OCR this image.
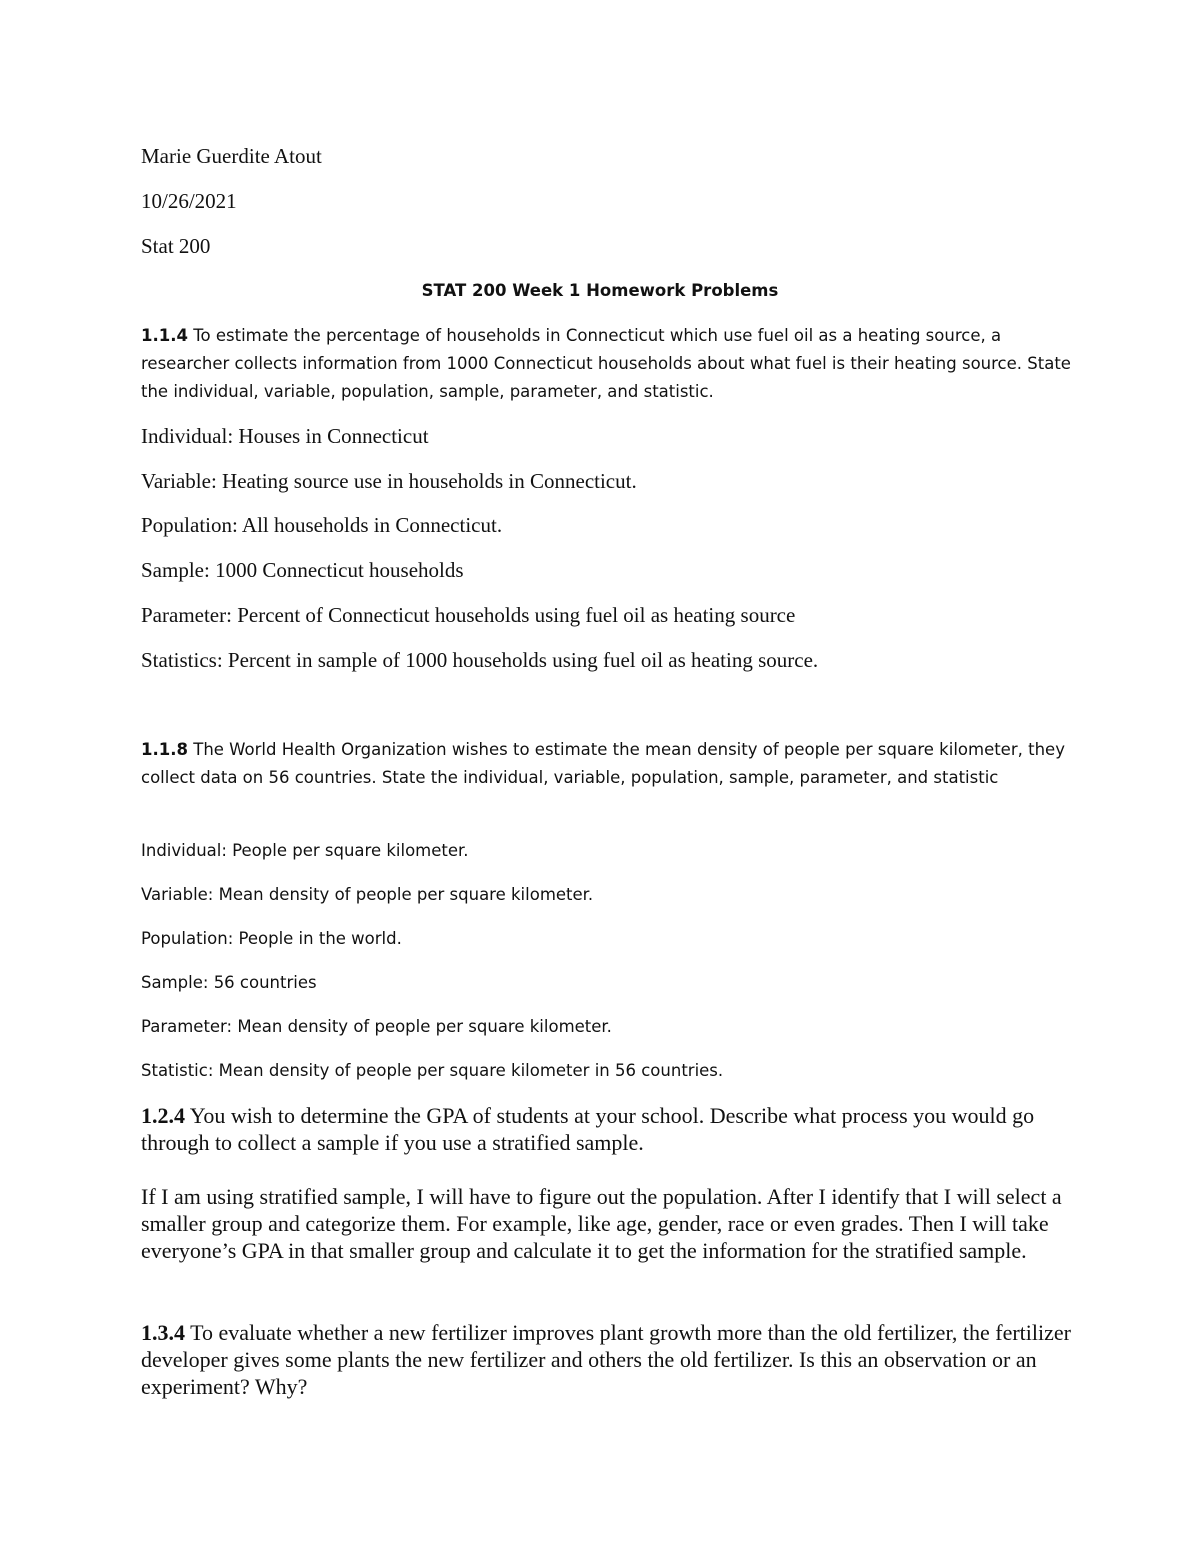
Marie Guerdite Atout
10/26/2021
Stat 200
STAT 200 Week 1 Homework Problems
1.1.4 To estimate the percentage of households in Connecticut which use fuel oil as a heating source, a researcher collects information from 1000 Connecticut households about what fuel is their heating source. State the individual, variable, population, sample, parameter, and statistic.
Individual: Houses in Connecticut
Variable: Heating source use in households in Connecticut.
Population: All households in Connecticut.
Sample: 1000 Connecticut households
Parameter: Percent of Connecticut households using fuel oil as heating source
Statistics: Percent in sample of 1000 households using fuel oil as heating source.
1.1.8 The World Health Organization wishes to estimate the mean density of people per square kilometer, they collect data on 56 countries. State the individual, variable, population, sample, parameter, and statistic
Individual: People per square kilometer.
Variable: Mean density of people per square kilometer.
Population: People in the world.
Sample: 56 countries
Parameter: Mean density of people per square kilometer.
Statistic: Mean density of people per square kilometer in 56 countries.
1.2.4 You wish to determine the GPA of students at your school. Describe what process you would go through to collect a sample if you use a stratified sample.
If I am using stratified sample, I will have to figure out the population. After I identify that I will select a smaller group and categorize them. For example, like age, gender, race or even grades. Then I will take everyone’s GPA in that smaller group and calculate it to get the information for the stratified sample.
1.3.4 To evaluate whether a new fertilizer improves plant growth more than the old fertilizer, the fertilizer developer gives some plants the new fertilizer and others the old fertilizer. Is this an observation or an experiment? Why?
